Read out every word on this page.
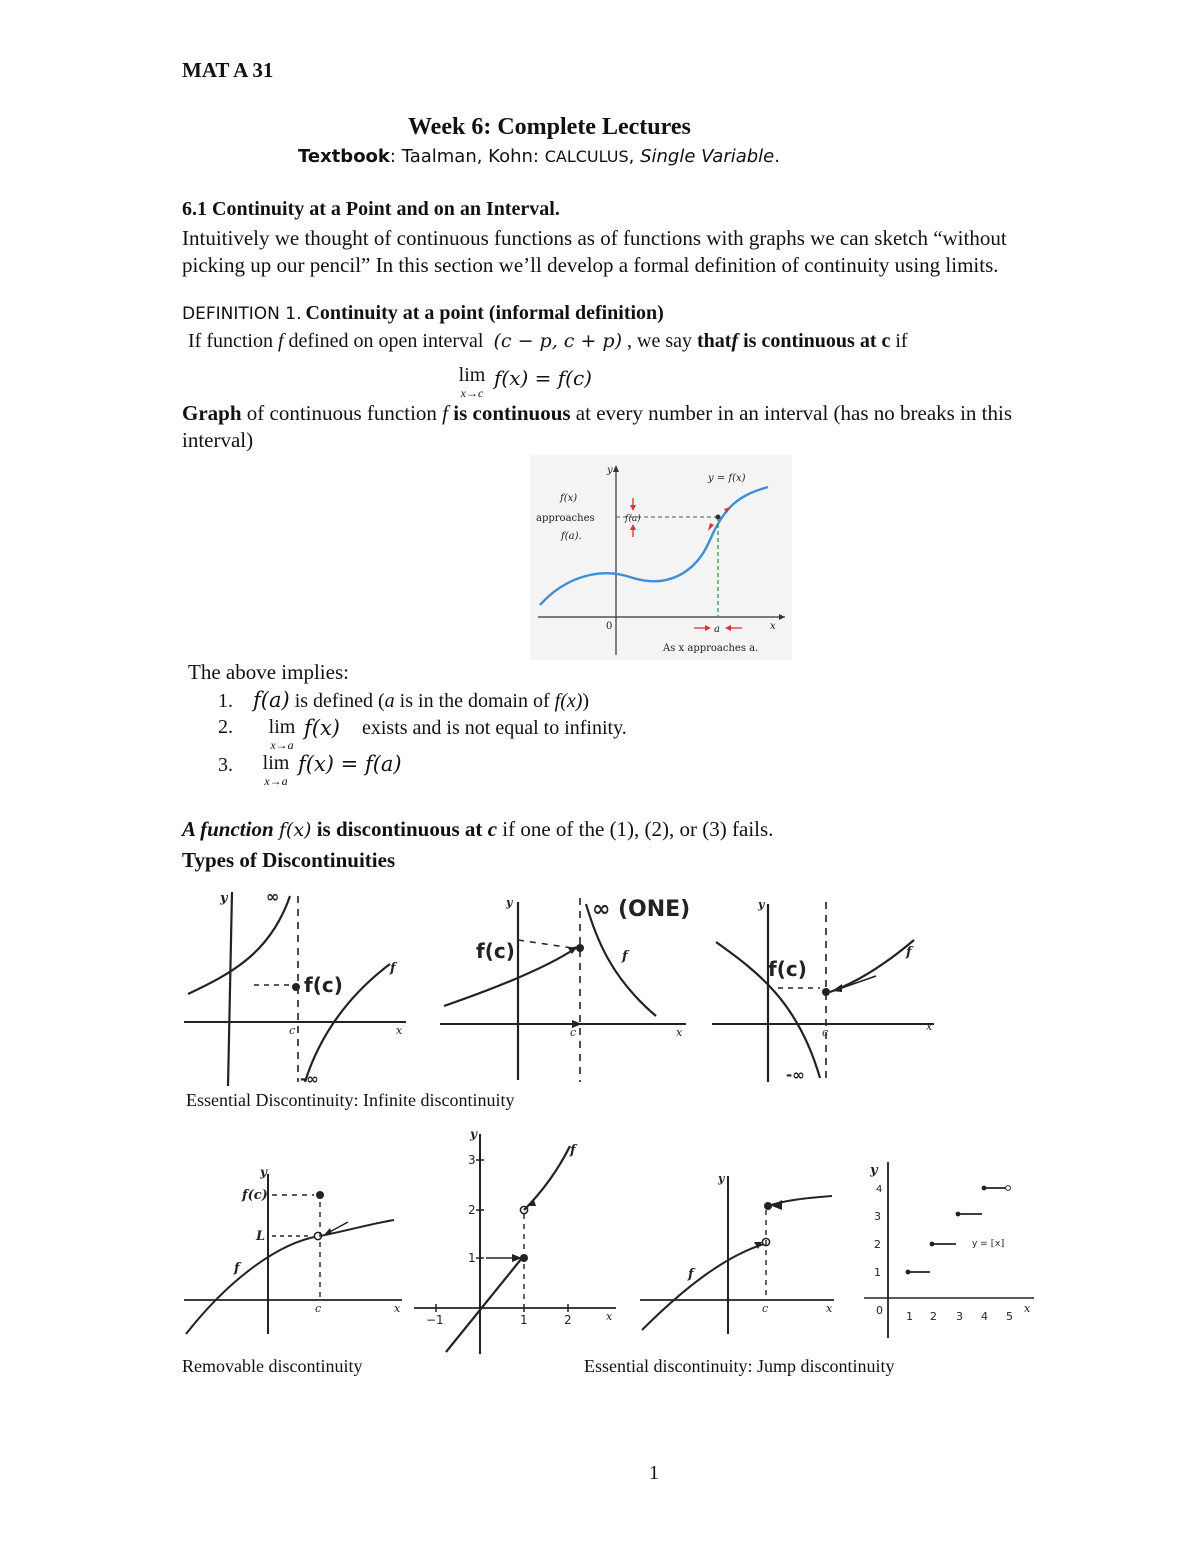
MAT A 31
Week 6: Complete Lectures
Textbook: Taalman, Kohn: CALCULUS, Single Variable.
6.1 Continuity at a Point and on an Interval.
Intuitively we thought of continuous functions as of functions with graphs we can sketch “without
picking up our pencil” In this section we’ll develop a formal definition of continuity using limits.
DEFINITION 1. Continuity at a point (informal definition)
If function f defined on open interval (c − p, c + p) , we say thatf is continuous at c if
lim
x→c
f(x) = f(c)
Graph of continuous function f is continuous at every number in an interval (has no breaks in this
interval)
y
y = f(x)
f(x)
approaches
f(a).
f(a)
0	x
a
As x approaches a.
The above implies:
1. f(a) is defined (a is in the domain of f(x))
2.	lim
x→a
f(x) exists and is not equal to infinity.
3.	lim
x→a
f(x) = f(a)
A function f(x) is discontinuous at c if one of the (1), (2), or (3) fails.
Types of Discontinuities
y ∞
f(c)
f
c	x
-∞
y	∞ (ONE)
f(c)	f
c	x
y
f(c)
f
c	x
-∞
Essential Discontinuity: Infinite discontinuity
y
f(c)
L
f
c	x
y
f
3
2
1
−1	1	2	x
y
f
c	x
y
4
3
2
1
0 1 2 3 4 5
x
y = ⟦x⟧
Removable discontinuity	Essential discontinuity: Jump discontinuity
1
